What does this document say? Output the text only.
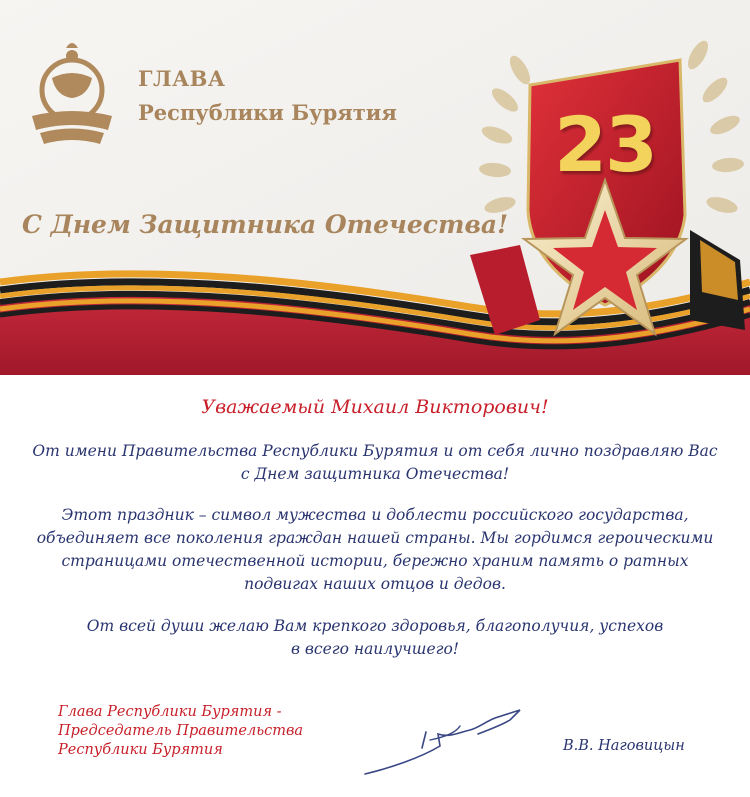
ГЛАВА
Республики Бурятия
С Днем Защитника Отечества!
23
Уважаемый Михаил Викторович!

От имени Правительства Республики Бурятия и от себя лично поздравляю Вас
с Днем защитника Отечества!

Этот праздник – символ мужества и доблести российского государства,
объединяет все поколения граждан нашей страны. Мы гордимся героическими
страницами отечественной истории, бережно храним память о ратных
подвигах наших отцов и дедов.

От всей души желаю Вам крепкого здоровья, благополучия, успехов
в всего наилучшего!

Глава Республики Бурятия -
Председатель Правительства
Республики Бурятия	В.В. Наговицын
